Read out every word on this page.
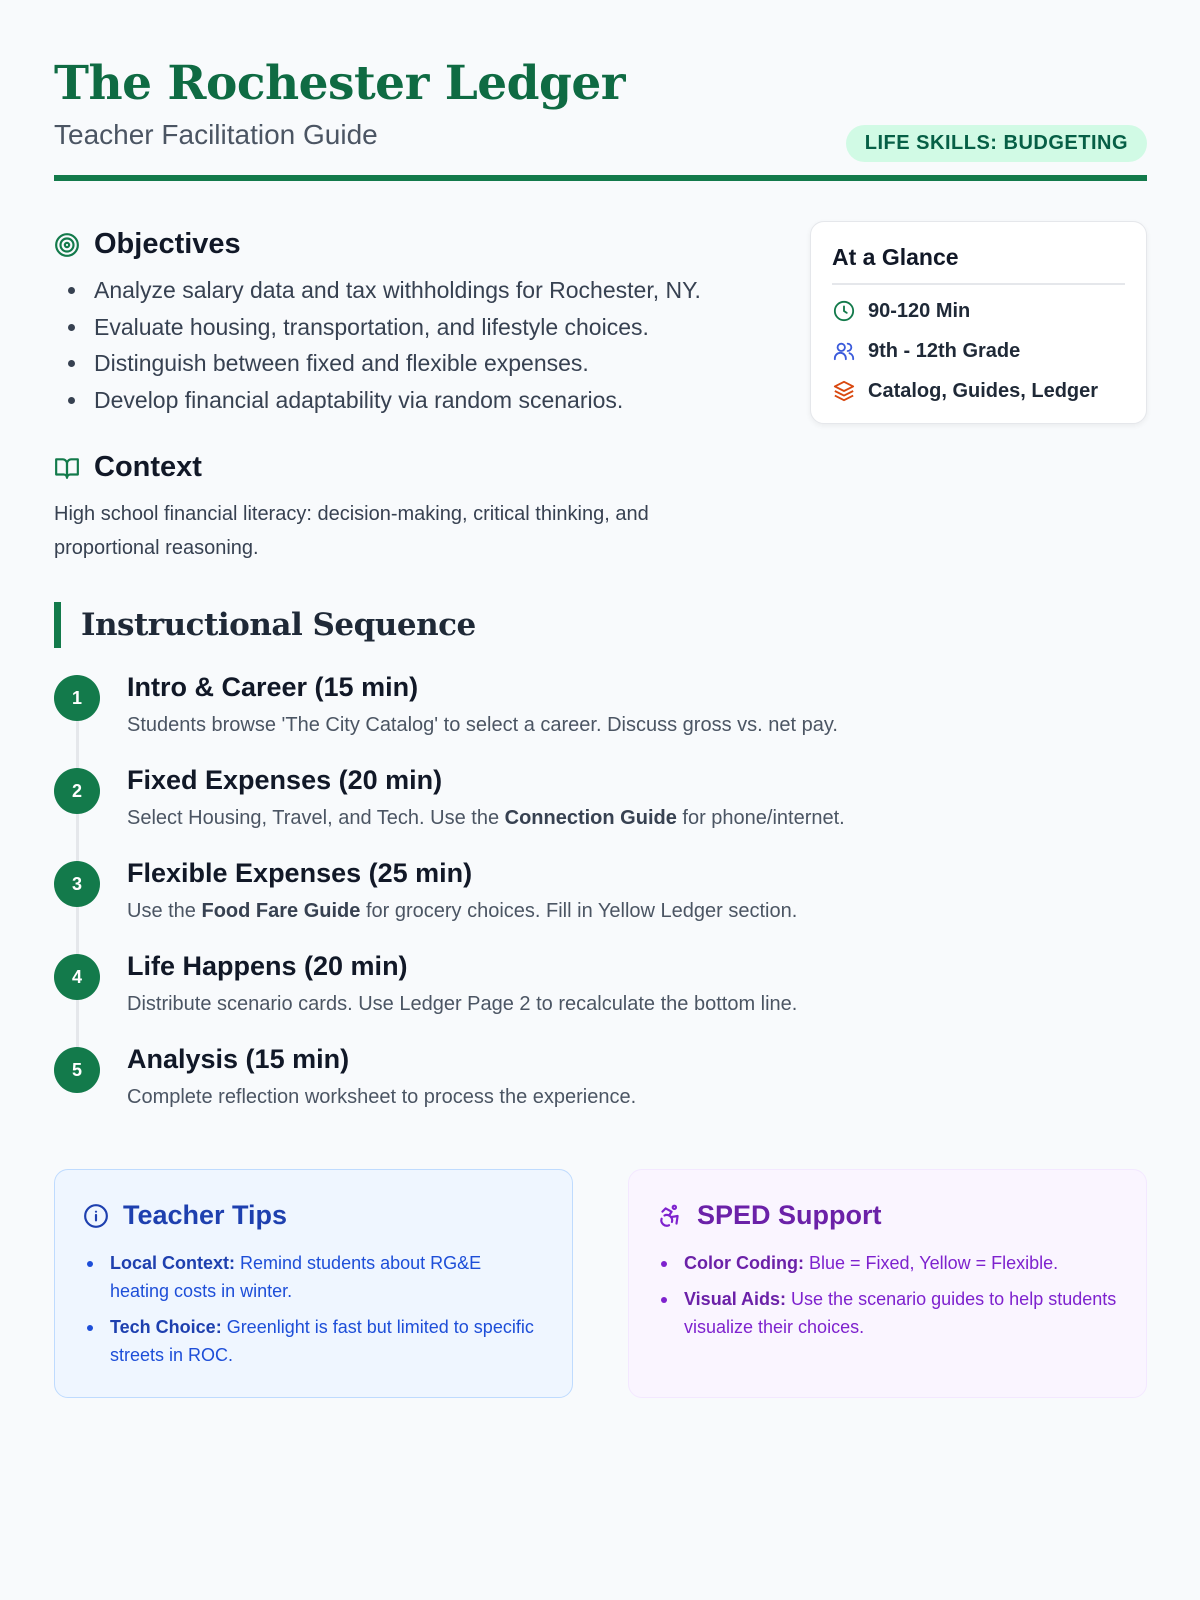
The Rochester Ledger
Teacher Facilitation Guide	LIFE SKILLS: BUDGETING
Objectives
Analyze salary data and tax withholdings for Rochester, NY.
Evaluate housing, transportation, and lifestyle choices.
Distinguish between fixed and flexible expenses.
Develop financial adaptability via random scenarios.
Context
High school financial literacy: decision-making, critical thinking, and proportional reasoning.
At a Glance
90-120 Min
9th - 12th Grade
Catalog, Guides, Ledger
Instructional Sequence
1	Intro & Career (15 min)
Students browse 'The City Catalog' to select a career. Discuss gross vs. net pay.
2	Fixed Expenses (20 min)
Select Housing, Travel, and Tech. Use the Connection Guide for phone/internet.
3	Flexible Expenses (25 min)
Use the Food Fare Guide for grocery choices. Fill in Yellow Ledger section.
4	Life Happens (20 min)
Distribute scenario cards. Use Ledger Page 2 to recalculate the bottom line.
5	Analysis (15 min)
Complete reflection worksheet to process the experience.
Teacher Tips
Local Context: Remind students about RG&E heating costs in winter.
Tech Choice: Greenlight is fast but limited to specific streets in ROC.
SPED Support
Color Coding: Blue = Fixed, Yellow = Flexible.
Visual Aids: Use the scenario guides to help students visualize their choices.
